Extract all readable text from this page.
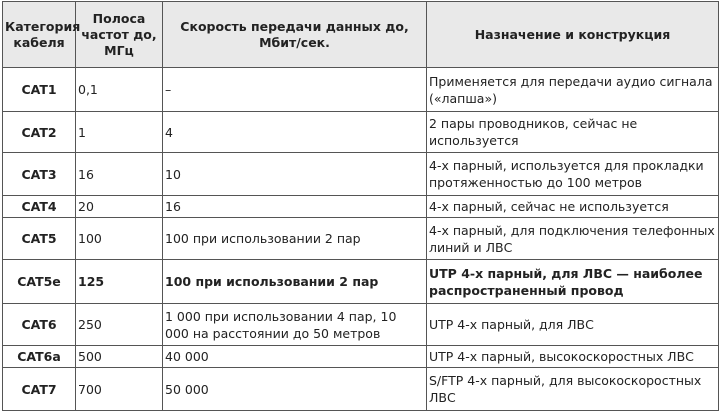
Категория кабеля	Полоса частот до, МГц	Скорость передачи данных до, Мбит/сек.	Назначение и конструкция
CAT1	0,1	–	Применяется для передачи аудио сигнала («лапша»)
CAT2	1	4	2 пары проводников, сейчас не используется
CAT3	16	10	4-х парный, используется для прокладки протяженностью до 100 метров
CAT4	20	16	4-х парный, сейчас не используется
CAT5	100	100 при использовании 2 пар	4-х парный, для подключения телефонных линий и ЛВС
CAT5e	125	100 при использовании 2 пар	UTP 4-х парный, для ЛВС — наиболее распространенный провод
CAT6	250	1 000 при использовании 4 пар, 10 000 на расстоянии до 50 метров	UTP 4-х парный, для ЛВС
CAT6a	500	40 000	UTP 4-х парный, высокоскоростных ЛВС
CAT7	700	50 000	S/FTP 4-х парный, для высокоскоростных ЛВС
